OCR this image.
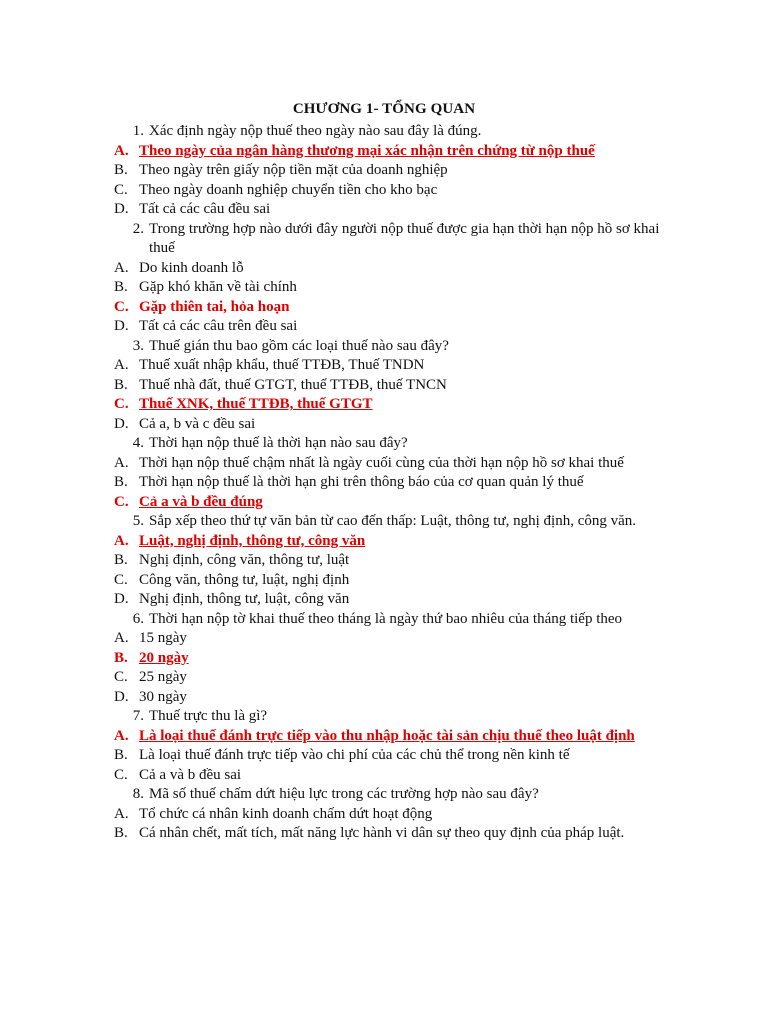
CHƯƠNG 1- TỔNG QUAN
1. Xác định ngày nộp thuế theo ngày nào sau đây là đúng.
A. Theo ngày của ngân hàng thương mại xác nhận trên chứng từ nộp thuế
B. Theo ngày trên giấy nộp tiền mặt của doanh nghiệp
C. Theo ngày doanh nghiệp chuyển tiền cho kho bạc
D. Tất cả các câu đều sai
2. Trong trường hợp nào dưới đây người nộp thuế được gia hạn thời hạn nộp hồ sơ khai thuế
A. Do kinh doanh lỗ
B. Gặp khó khăn về tài chính
C. Gặp thiên tai, hỏa hoạn
D. Tất cả các câu trên đều sai
3. Thuế gián thu bao gồm các loại thuế nào sau đây?
A. Thuế xuất nhập khẩu, thuế TTĐB, Thuế TNDN
B. Thuế nhà đất, thuế GTGT, thuế TTĐB, thuế TNCN
C. Thuế XNK, thuế TTĐB, thuế GTGT
D. Cả a, b và c đều sai
4. Thời hạn nộp thuế là thời hạn nào sau đây?
A. Thời hạn nộp thuế chậm nhất là ngày cuối cùng của thời hạn nộp hồ sơ khai thuế
B. Thời hạn nộp thuế là thời hạn ghi trên thông báo của cơ quan quản lý thuế
C. Cả a và b đều đúng
5. Sắp xếp theo thứ tự văn bản từ cao đến thấp: Luật, thông tư, nghị định, công văn.
A. Luật, nghị định, thông tư, công văn
B. Nghị định, công văn, thông tư, luật
C. Công văn, thông tư, luật, nghị định
D. Nghị định, thông tư, luật, công văn
6. Thời hạn nộp tờ khai thuế theo tháng là ngày thứ bao nhiêu của tháng tiếp theo
A. 15 ngày
B. 20 ngày
C. 25 ngày
D. 30 ngày
7. Thuế trực thu là gì?
A. Là loại thuế đánh trực tiếp vào thu nhập hoặc tài sản chịu thuế theo luật định
B. Là loại thuế đánh trực tiếp vào chi phí của các chủ thể trong nền kinh tế
C. Cả a và b đều sai
8. Mã số thuế chấm dứt hiệu lực trong các trường hợp nào sau đây?
A. Tổ chức cá nhân kinh doanh chấm dứt hoạt động
B. Cá nhân chết, mất tích, mất năng lực hành vi dân sự theo quy định của pháp luật.
